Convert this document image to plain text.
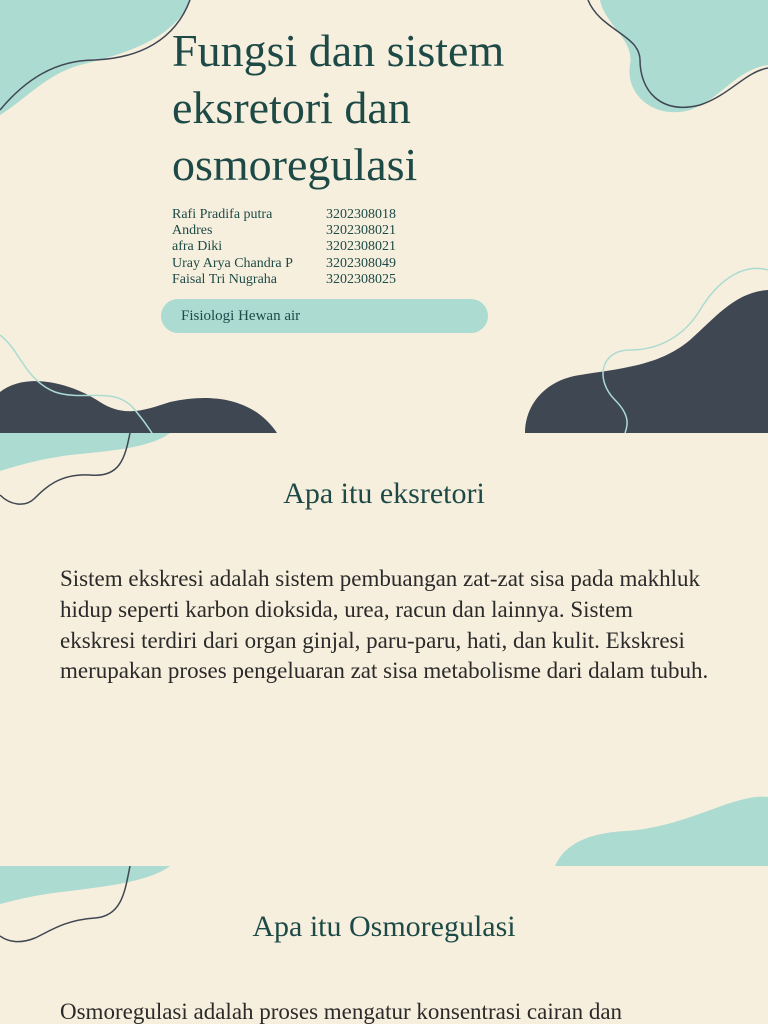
Fungsi dan sistem eksretori dan osmoregulasi
Rafi Pradifa putra	3202308018
Andres	3202308021
afra Diki	3202308021
Uray Arya Chandra P	3202308049
Faisal Tri Nugraha	3202308025
Fisiologi Hewan air
Apa itu eksretori

Sistem ekskresi adalah sistem pembuangan zat-zat sisa pada makhluk hidup seperti karbon dioksida, urea, racun dan lainnya. Sistem ekskresi terdiri dari organ ginjal, paru-paru, hati, dan kulit. Ekskresi merupakan proses pengeluaran zat sisa metabolisme dari dalam tubuh.

Apa itu Osmoregulasi

Osmoregulasi adalah proses mengatur konsentrasi cairan dan
